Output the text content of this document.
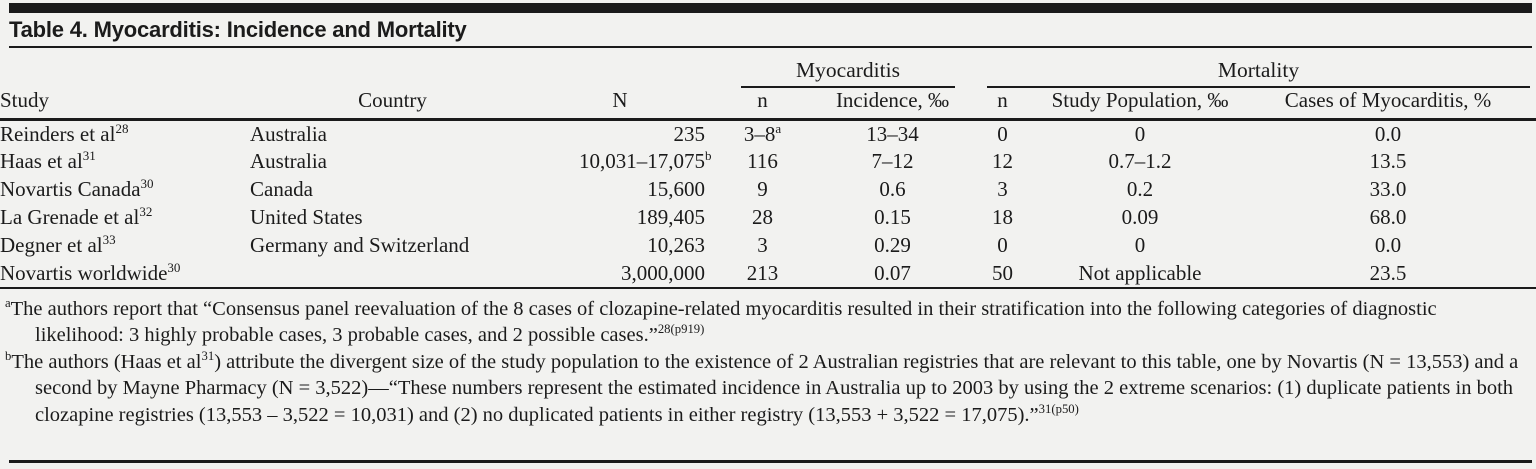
Table 4. Myocarditis: Incidence and Mortality

			Myocarditis		Mortality		

Study	Country	N	n	Incidence, ‰	n	Study Population, ‰	Cases of Myocarditis, %
Reinders et $al^{28}$	Australia	235	3–8$^a$	13–34	0	0	0.0
Haas et $al^{31}$	Australia	10,031–17,075$^b$	116	7–12	12	0.7–1.2	13.5
Novartis Canada$^{30}$	Canada	15,600	9	0.6	3	0.2	33.0
La Grenade et $al^{32}$	United States	189,405	28	0.15	18	0.09	68.0
Degner et $al^{33}$	Germany and Switzerland	10,263	3	0.29	0	0	0.0
Novartis worldwide$^{30}$		3,000,000	213	0.07	50	Not applicable	23.5

$^a$The authors report that “Consensus panel reevaluation of the 8 cases of clozapine-related myocarditis resulted in their stratification into the following categories of diagnostic likelihood: 3 highly probable cases, 3 probable cases, and 2 possible cases.”$^{28(p919)}$

$^b$The authors (Haas et $al^{31}$) attribute the divergent size of the study population to the existence of 2 Australian registries that are relevant to this table, one by Novartis (N = 13,553) and a second by Mayne Pharmacy (N = 3,522)—“These numbers represent the estimated incidence in Australia up to 2003 by using the 2 extreme scenarios: (1) duplicate patients in both clozapine registries (13,553 – 3,522 = 10,031) and (2) no duplicated patients in either registry (13,553 + 3,522 = 17,075).”$^{31(p50)}$
